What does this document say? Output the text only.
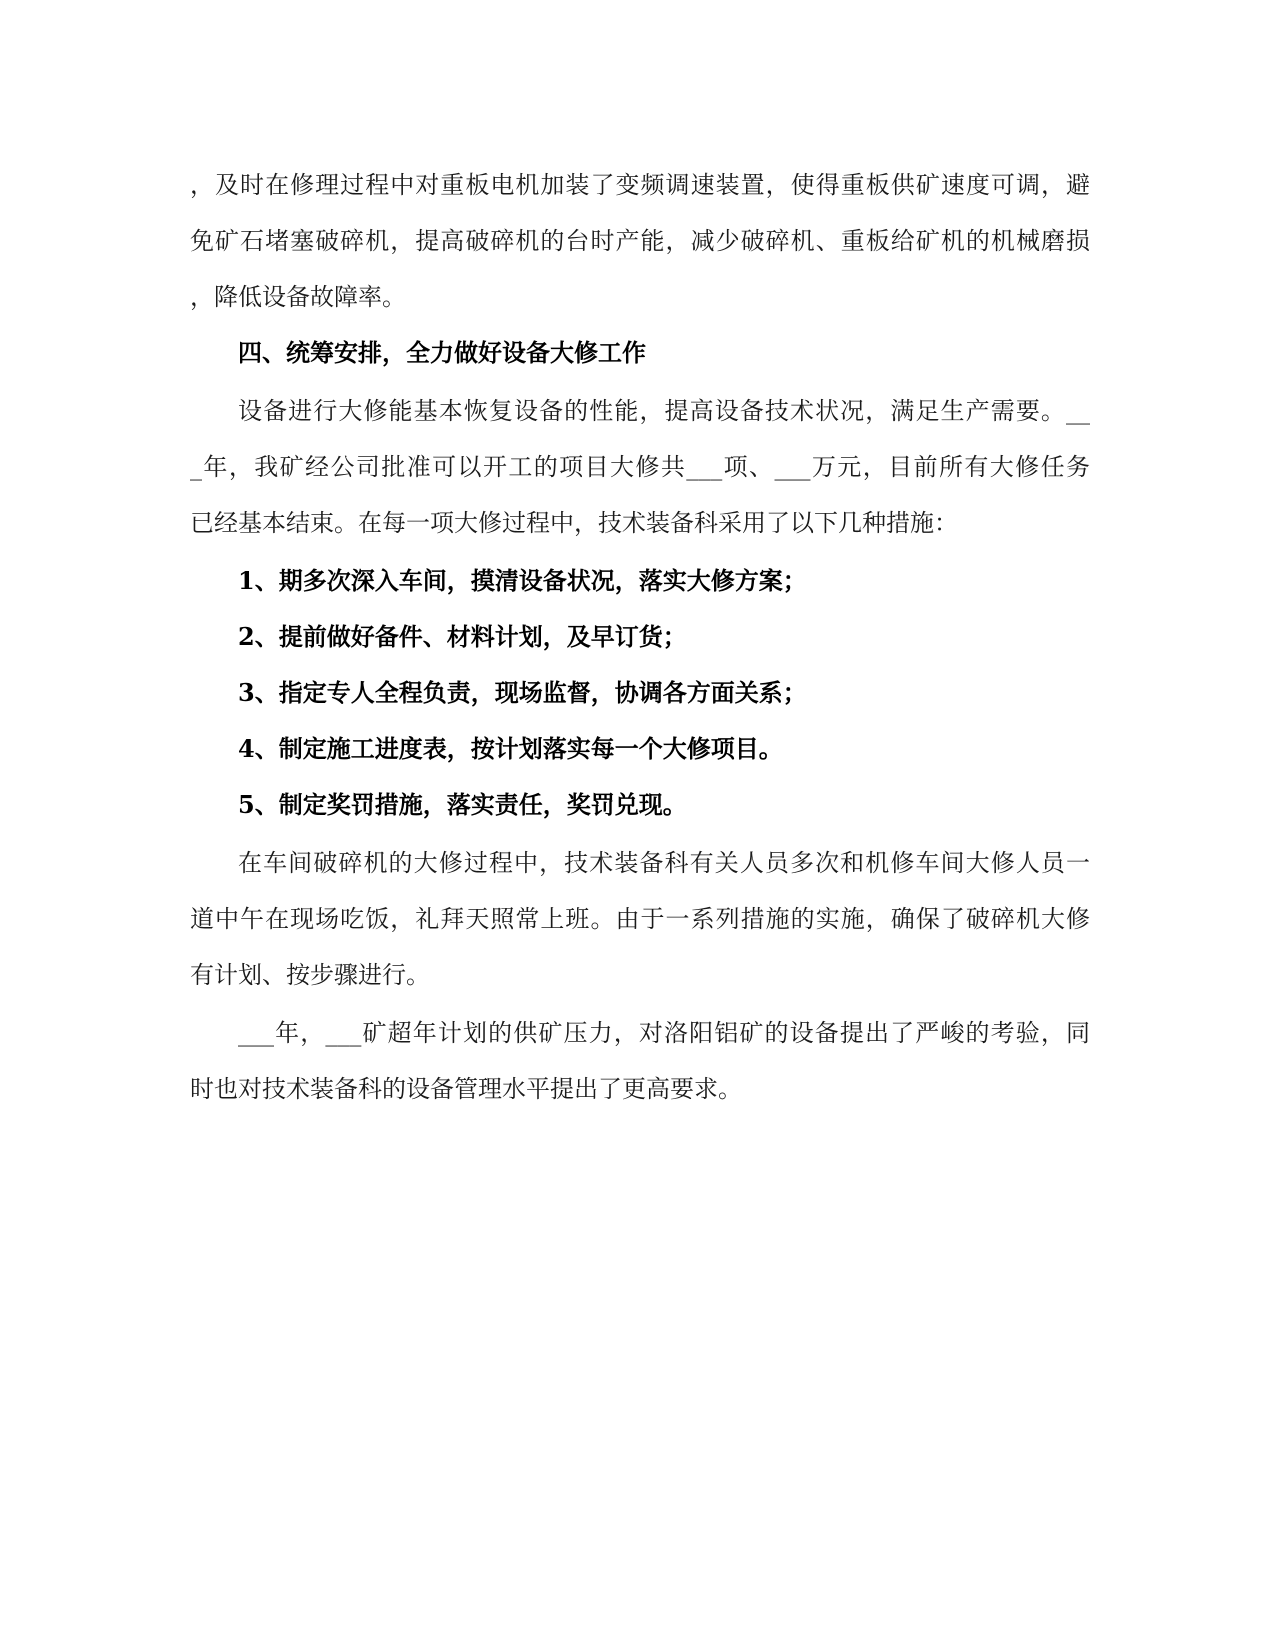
，及时在修理过程中对重板电机加装了变频调速装置，使得重板供矿速度可调，避
免矿石堵塞破碎机，提高破碎机的台时产能，减少破碎机、重板给矿机的机械磨损
，降低设备故障率。
四、统筹安排，全力做好设备大修工作
设备进行大修能基本恢复设备的性能，提高设备技术状况，满足生产需要。__
_年，我矿经公司批准可以开工的项目大修共___项、___万元，目前所有大修任务
已经基本结束。在每一项大修过程中，技术装备科采用了以下几种措施：
1、期多次深入车间，摸清设备状况，落实大修方案；
2、提前做好备件、材料计划，及早订货；
3、指定专人全程负责，现场监督，协调各方面关系；
4、制定施工进度表，按计划落实每一个大修项目。
5、制定奖罚措施，落实责任，奖罚兑现。
在车间破碎机的大修过程中，技术装备科有关人员多次和机修车间大修人员一
道中午在现场吃饭，礼拜天照常上班。由于一系列措施的实施，确保了破碎机大修
有计划、按步骤进行。
___年，___矿超年计划的供矿压力，对洛阳铝矿的设备提出了严峻的考验，同
时也对技术装备科的设备管理水平提出了更高要求。
